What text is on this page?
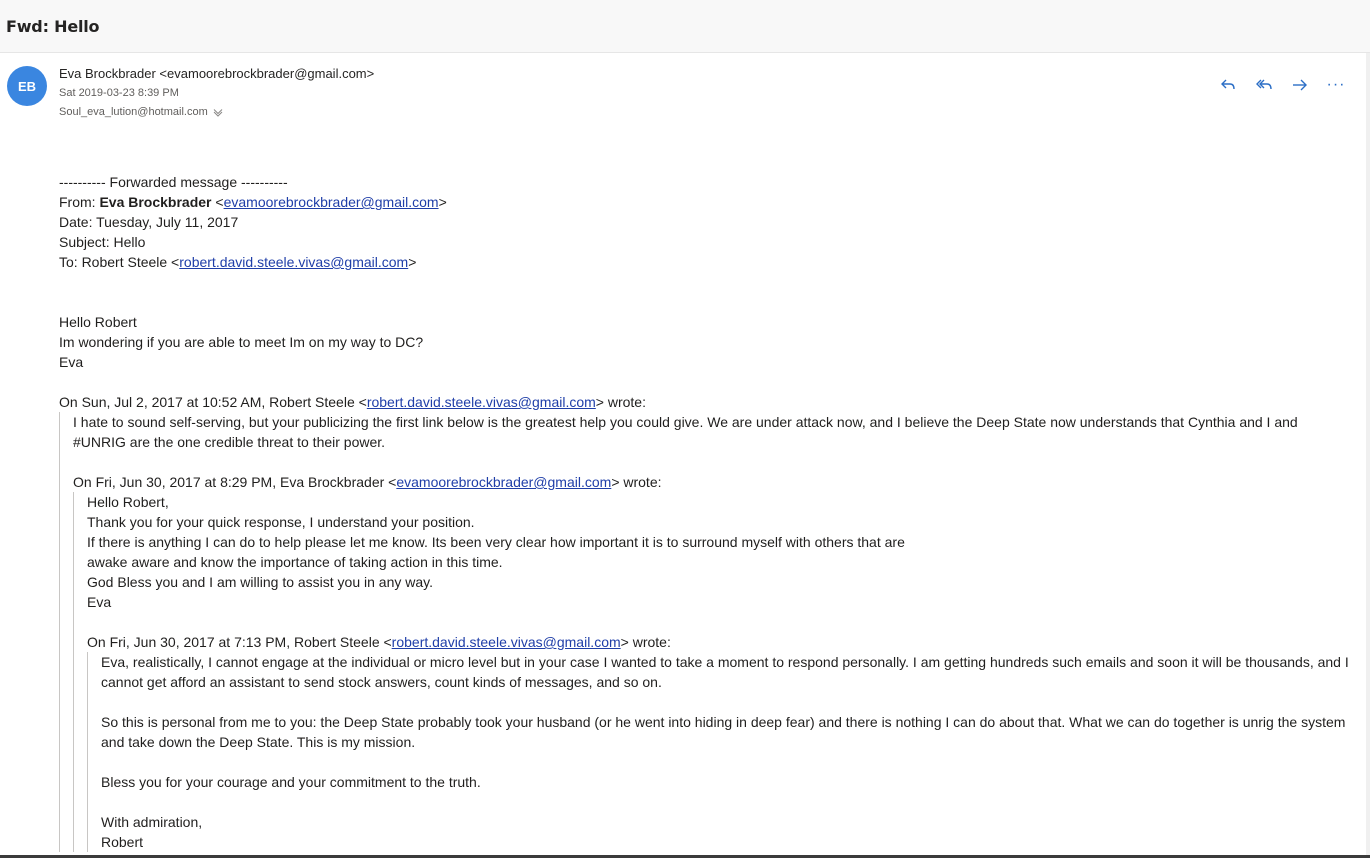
Fwd: Hello
EB
Eva Brockbrader <evamoorebrockbrader@gmail.com>
Sat 2019-03-23 8:39 PM
Soul_eva_lution@hotmail.com
···

---------- Forwarded message ----------

From: Eva Brockbrader <evamoorebrockbrader@gmail.com>

Date: Tuesday, July 11, 2017

Subject: Hello

To: Robert Steele <robert.david.steele.vivas@gmail.com>

Hello Robert

Im wondering if you are able to meet Im on my way to DC?

Eva

On Sun, Jul 2, 2017 at 10:52 AM, Robert Steele <robert.david.steele.vivas@gmail.com> wrote:

I hate to sound self-serving, but your publicizing the first link below is the greatest help you could give. We are under attack now, and I believe the Deep State now understands that Cynthia and I and #UNRIG are the one credible threat to their power.

On Fri, Jun 30, 2017 at 8:29 PM, Eva Brockbrader <evamoorebrockbrader@gmail.com> wrote:

Hello Robert,

Thank you for your quick response, I understand your position.

If there is anything I can do to help please let me know. Its been very clear how important it is to surround myself with others that are

awake aware and know the importance of taking action in this time.

God Bless you and I am willing to assist you in any way.

Eva

On Fri, Jun 30, 2017 at 7:13 PM, Robert Steele <robert.david.steele.vivas@gmail.com> wrote:

Eva, realistically, I cannot engage at the individual or micro level but in your case I wanted to take a moment to respond personally. I am getting hundreds such emails and soon it will be thousands, and I cannot get afford an assistant to send stock answers, count kinds of messages, and so on.

So this is personal from me to you: the Deep State probably took your husband (or he went into hiding in deep fear) and there is nothing I can do about that. What we can do together is unrig the system and take down the Deep State. This is my mission.

Bless you for your courage and your commitment to the truth.

With admiration,

Robert
